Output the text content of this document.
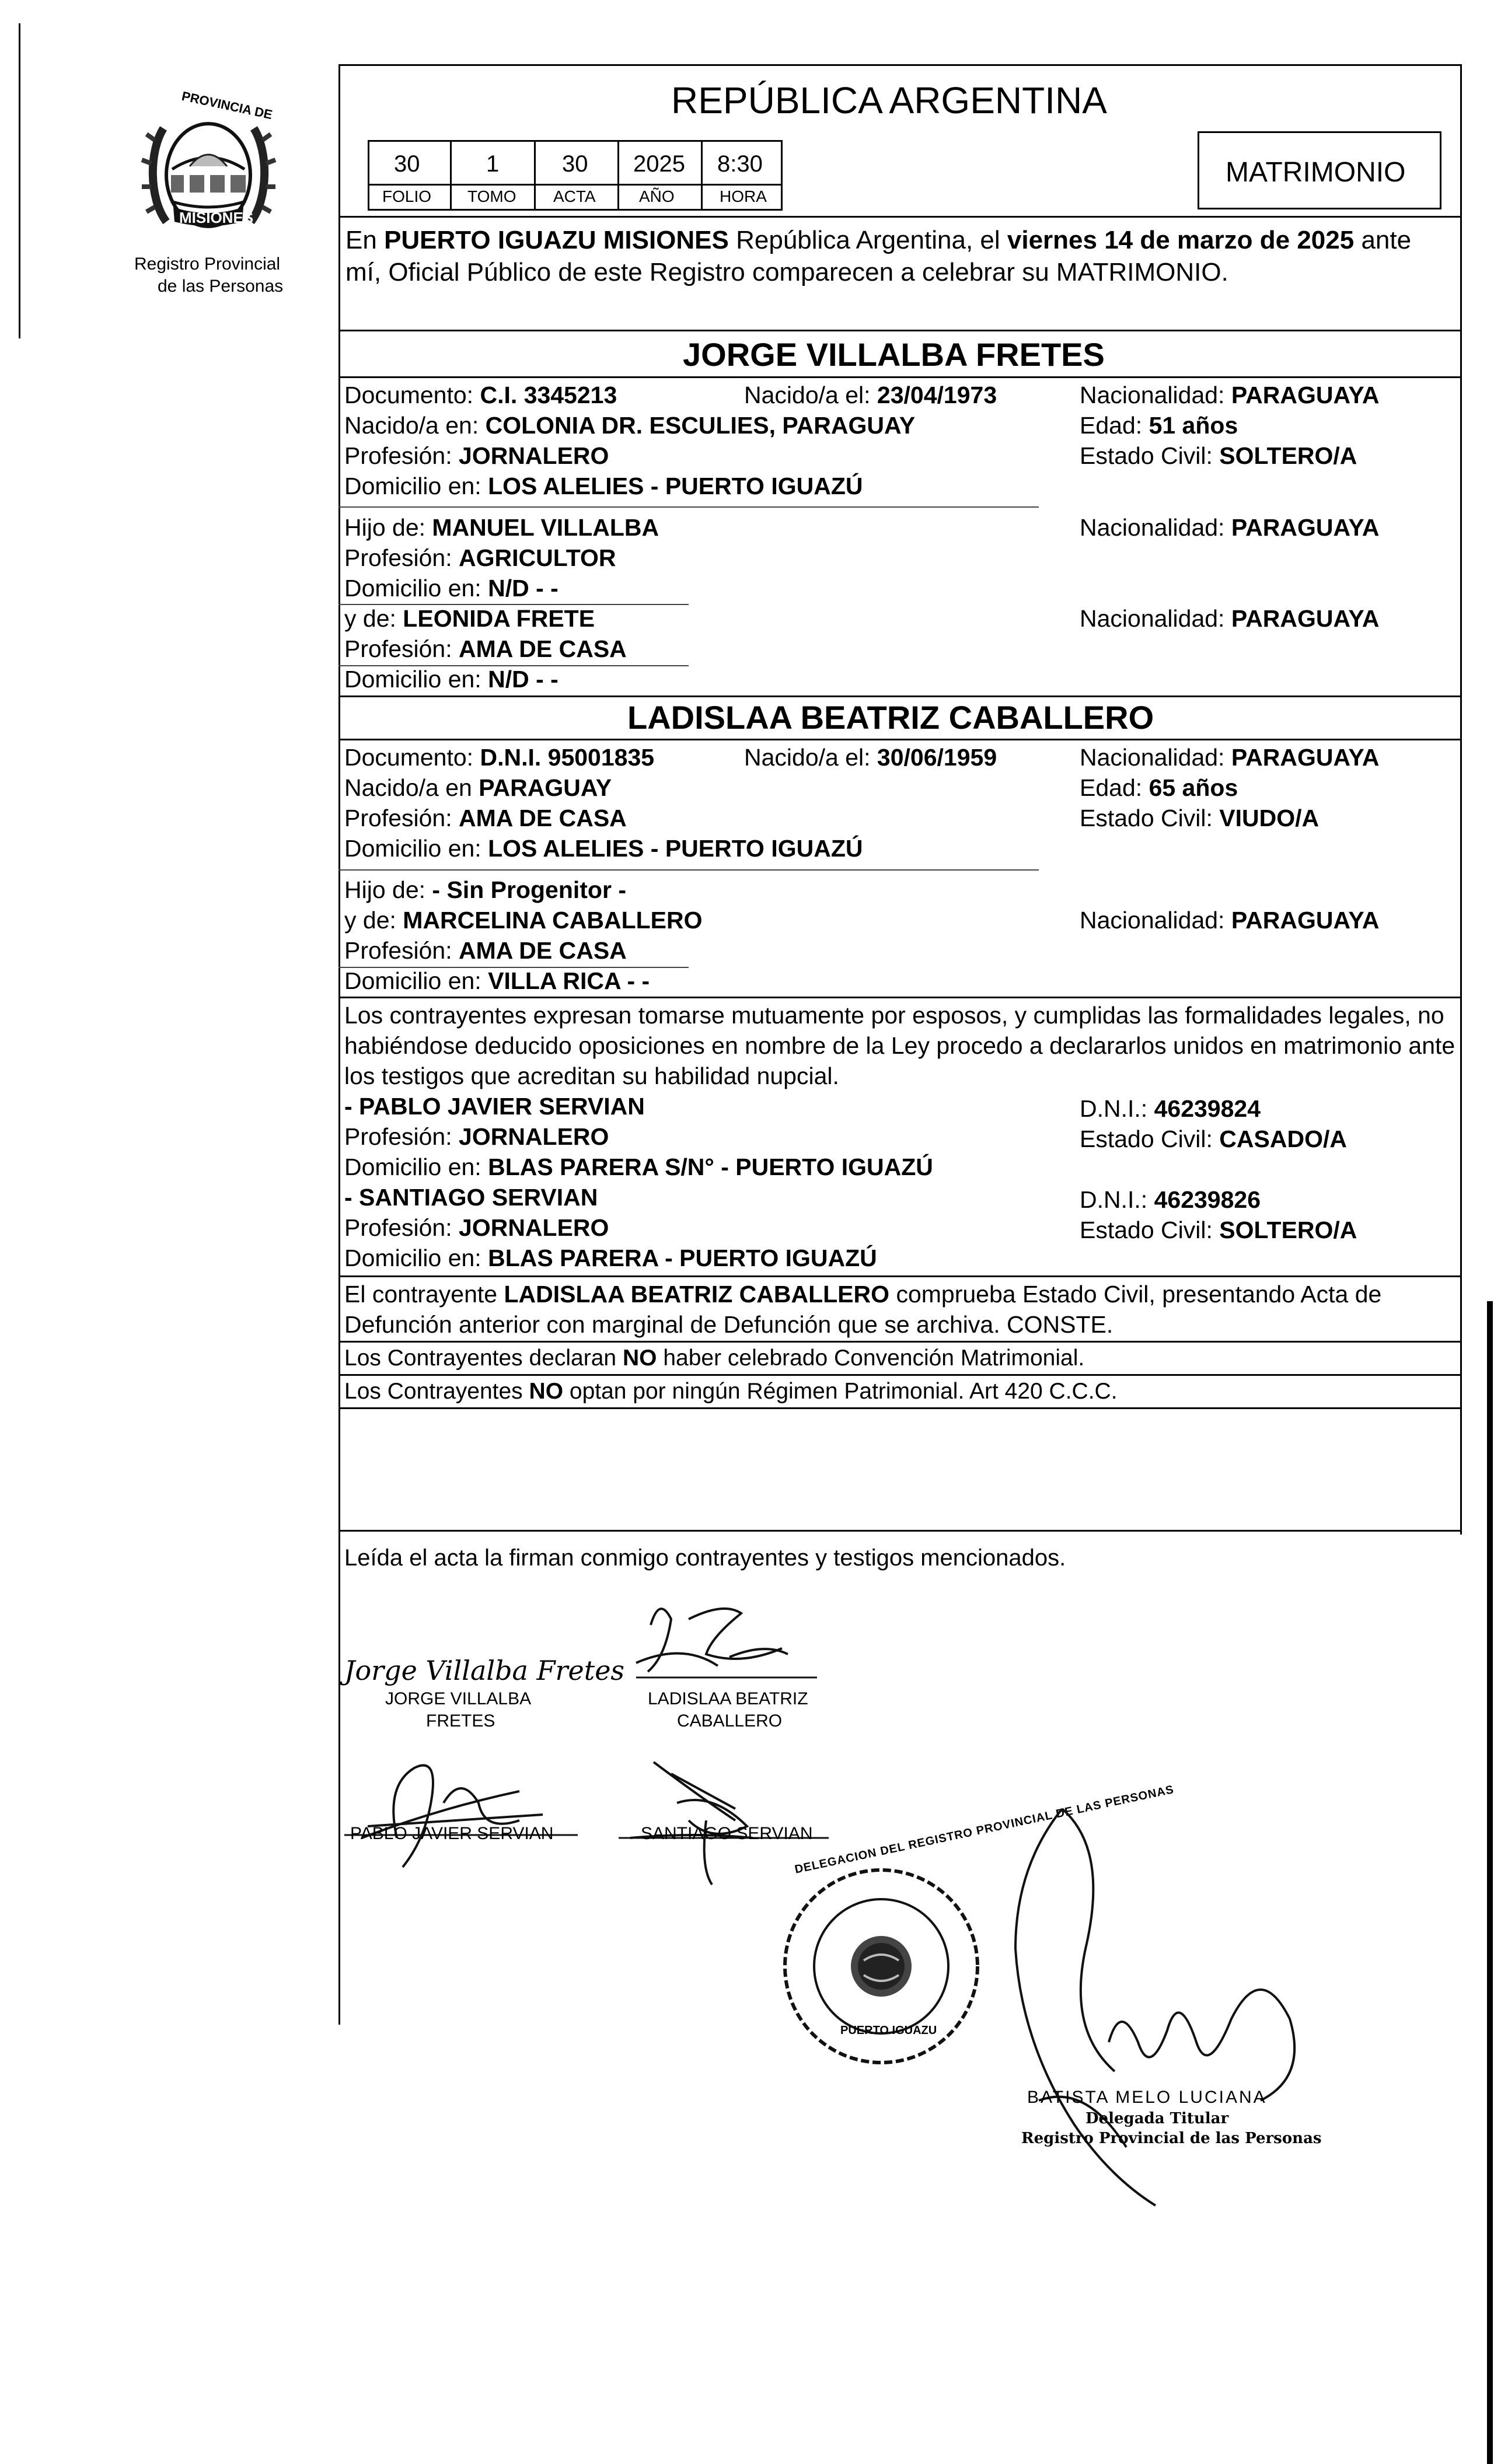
PROVINCIA DE
MISIONES
Registro Provincial
de las Personas
REPÚBLICA ARGENTINA
30	1	30 2025 8:30
FOLIO TOMO ACTA	AÑO	HORA
MATRIMONIO
En PUERTO IGUAZU MISIONES República Argentina, el viernes 14 de marzo de 2025 ante
mí, Oficial Público de este Registro comparecen a celebrar su MATRIMONIO.
JORGE VILLALBA FRETES
Documento: C.I. 3345213	Nacido/a el: 23/04/1973	Nacionalidad: PARAGUAYA
Nacido/a en: COLONIA DR. ESCULIES, PARAGUAY	Edad: 51 años
Profesión: JORNALERO	Estado Civil: SOLTERO/A
Domicilio en: LOS ALELIES - PUERTO IGUAZÚ
Hijo de: MANUEL VILLALBA	Nacionalidad: PARAGUAYA
Profesión: AGRICULTOR
Domicilio en: N/D - -
y de: LEONIDA FRETE	Nacionalidad: PARAGUAYA
Profesión: AMA DE CASA
Domicilio en: N/D - -
LADISLAA BEATRIZ CABALLERO
Documento: D.N.I. 95001835	Nacido/a el: 30/06/1959	Nacionalidad: PARAGUAYA
Nacido/a en PARAGUAY	Edad: 65 años
Profesión: AMA DE CASA	Estado Civil: VIUDO/A
Domicilio en: LOS ALELIES - PUERTO IGUAZÚ
Hijo de: - Sin Progenitor -
y de: MARCELINA CABALLERO	Nacionalidad: PARAGUAYA
Profesión: AMA DE CASA
Domicilio en: VILLA RICA - -
Los contrayentes expresan tomarse mutuamente por esposos, y cumplidas las formalidades legales, no
habiéndose deducido oposiciones en nombre de la Ley procedo a declararlos unidos en matrimonio ante
los testigos que acreditan su habilidad nupcial.
- PABLO JAVIER SERVIAN	D.N.I.: 46239824
Profesión: JORNALERO	Estado Civil: CASADO/A
Domicilio en: BLAS PARERA S/N° - PUERTO IGUAZÚ
- SANTIAGO SERVIAN	D.N.I.: 46239826
Profesión: JORNALERO	Estado Civil: SOLTERO/A
Domicilio en: BLAS PARERA - PUERTO IGUAZÚ
El contrayente LADISLAA BEATRIZ CABALLERO comprueba Estado Civil, presentando Acta de
Defunción anterior con marginal de Defunción que se archiva. CONSTE.
Los Contrayentes declaran NO haber celebrado Convención Matrimonial.
Los Contrayentes NO optan por ningún Régimen Patrimonial. Art 420 C.C.C.
Leída el acta la firman conmigo contrayentes y testigos mencionados.
Jorge Villalba Fretes
JORGE VILLALBA
FRETES
LADISLAA BEATRIZ
CABALLERO
PABLO JAVIER SERVIAN	SANTIAGO SERVIAN
DELEGACION DEL REGISTRO PROVINCIAL DE LAS PERSONAS
PUERTO IGUAZU
BATISTA MELO LUCIANA
Delegada Titular
Registro Provincial de las Personas
